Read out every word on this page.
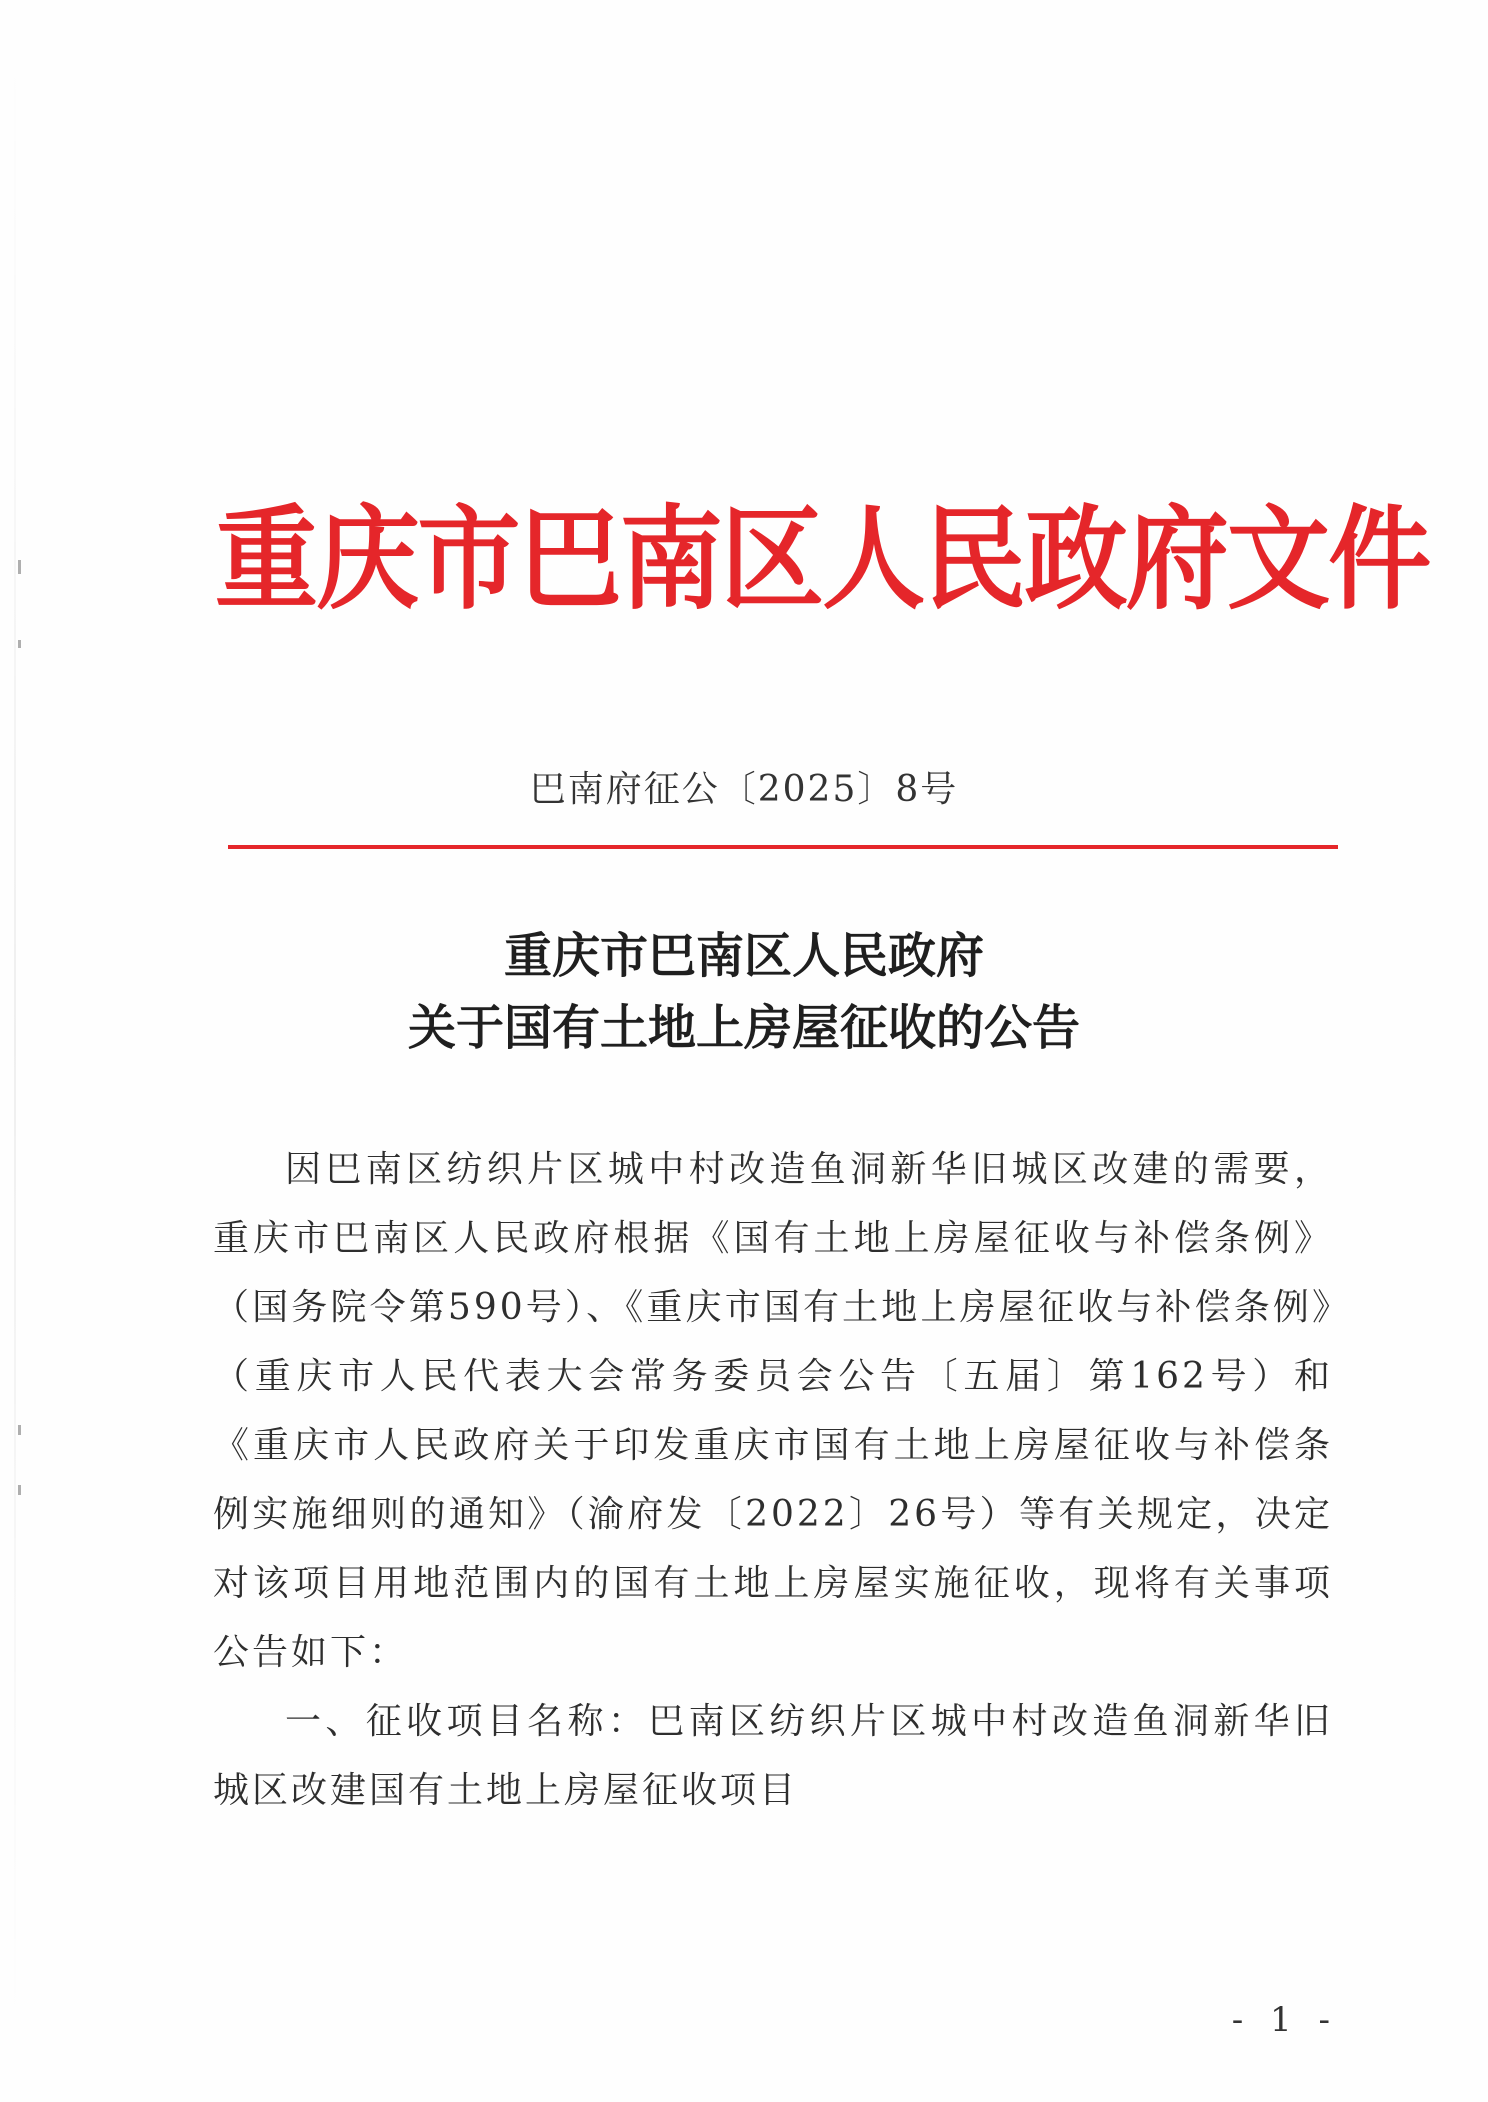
重庆市巴南区人民政府文件
巴南府征公〔2025〕8号
重庆市巴南区人民政府
关于国有土地上房屋征收的公告

因巴南区纺织片区城中村改造鱼洞新华旧城区改建的需要，重庆市巴南区人民政府根据《国有土地上房屋征收与补偿条例》（国务院令第590号）、《重庆市国有土地上房屋征收与补偿条例》（重庆市人民代表大会常务委员会公告〔五届〕第162号）和《重庆市人民政府关于印发重庆市国有土地上房屋征收与补偿条例实施细则的通知》（渝府发〔2022〕26号）等有关规定，决定对该项目用地范围内的国有土地上房屋实施征收，现将有关事项公告如下：

一、征收项目名称：巴南区纺织片区城中村改造鱼洞新华旧城区改建国有土地上房屋征收项目

- 1 -
